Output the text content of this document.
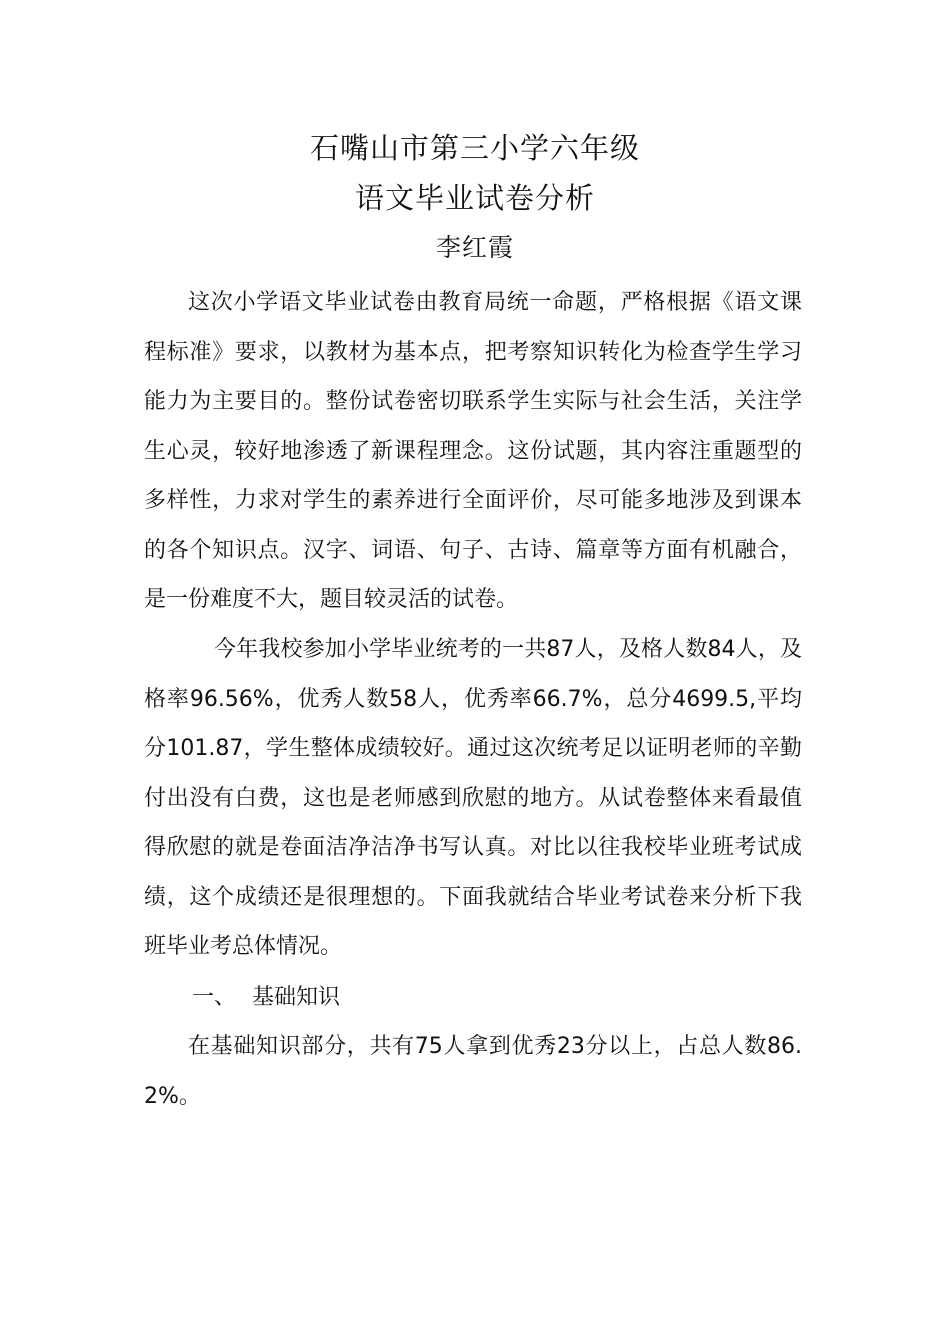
石嘴山市第三小学六年级
语文毕业试卷分析
李红霞

这次小学语文毕业试卷由教育局统一命题，严格根据《语文课程标准》要求，以教材为基本点，把考察知识转化为检查学生学习能力为主要目的。整份试卷密切联系学生实际与社会生活，关注学生心灵，较好地渗透了新课程理念。这份试题，其内容注重题型的多样性，力求对学生的素养进行全面评价，尽可能多地涉及到课本的各个知识点。汉字、词语、句子、古诗、篇章等方面有机融合，是一份难度不大，题目较灵活的试卷。

今年我校参加小学毕业统考的一共87人，及格人数84人，及格率96.56%，优秀人数58人，优秀率66.7%，总分4699.5,平均分101.87，学生整体成绩较好。通过这次统考足以证明老师的辛勤付出没有白费，这也是老师感到欣慰的地方。从试卷整体来看最值得欣慰的就是卷面洁净洁净书写认真。对比以往我校毕业班考试成绩，这个成绩还是很理想的。下面我就结合毕业考试卷来分析下我班毕业考总体情况。

一、 基础知识

在基础知识部分，共有75人拿到优秀23分以上，占总人数86.2%。
